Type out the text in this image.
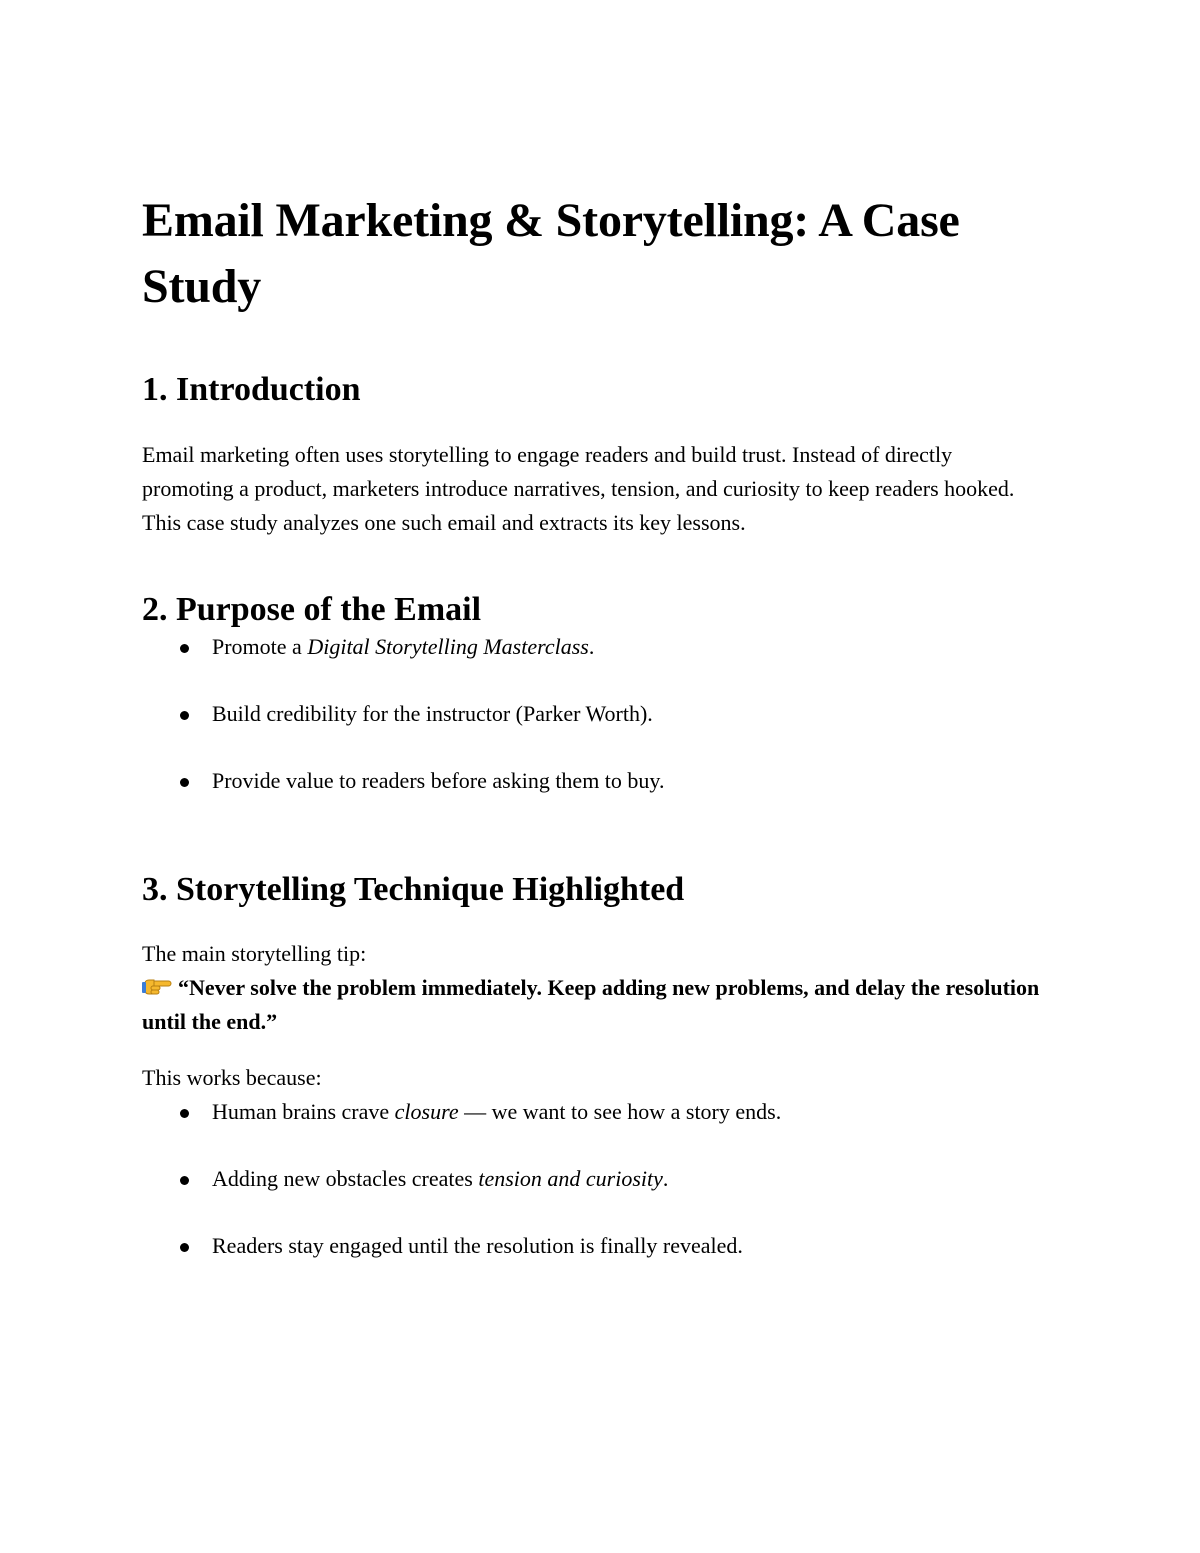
Email Marketing & Storytelling: A Case Study
1. Introduction

Email marketing often uses storytelling to engage readers and build trust. Instead of directly promoting a product, marketers introduce narratives, tension, and curiosity to keep readers hooked. This case study analyzes one such email and extracts its key lessons.

2. Purpose of the Email
Promote a Digital Storytelling Masterclass.
Build credibility for the instructor (Parker Worth).
Provide value to readers before asking them to buy.
3. Storytelling Technique Highlighted

The main storytelling tip:
“Never solve the problem immediately. Keep adding new problems, and delay the resolution until the end.”

This works because:

Human brains crave closure — we want to see how a story ends.
Adding new obstacles creates tension and curiosity.
Readers stay engaged until the resolution is finally revealed.
